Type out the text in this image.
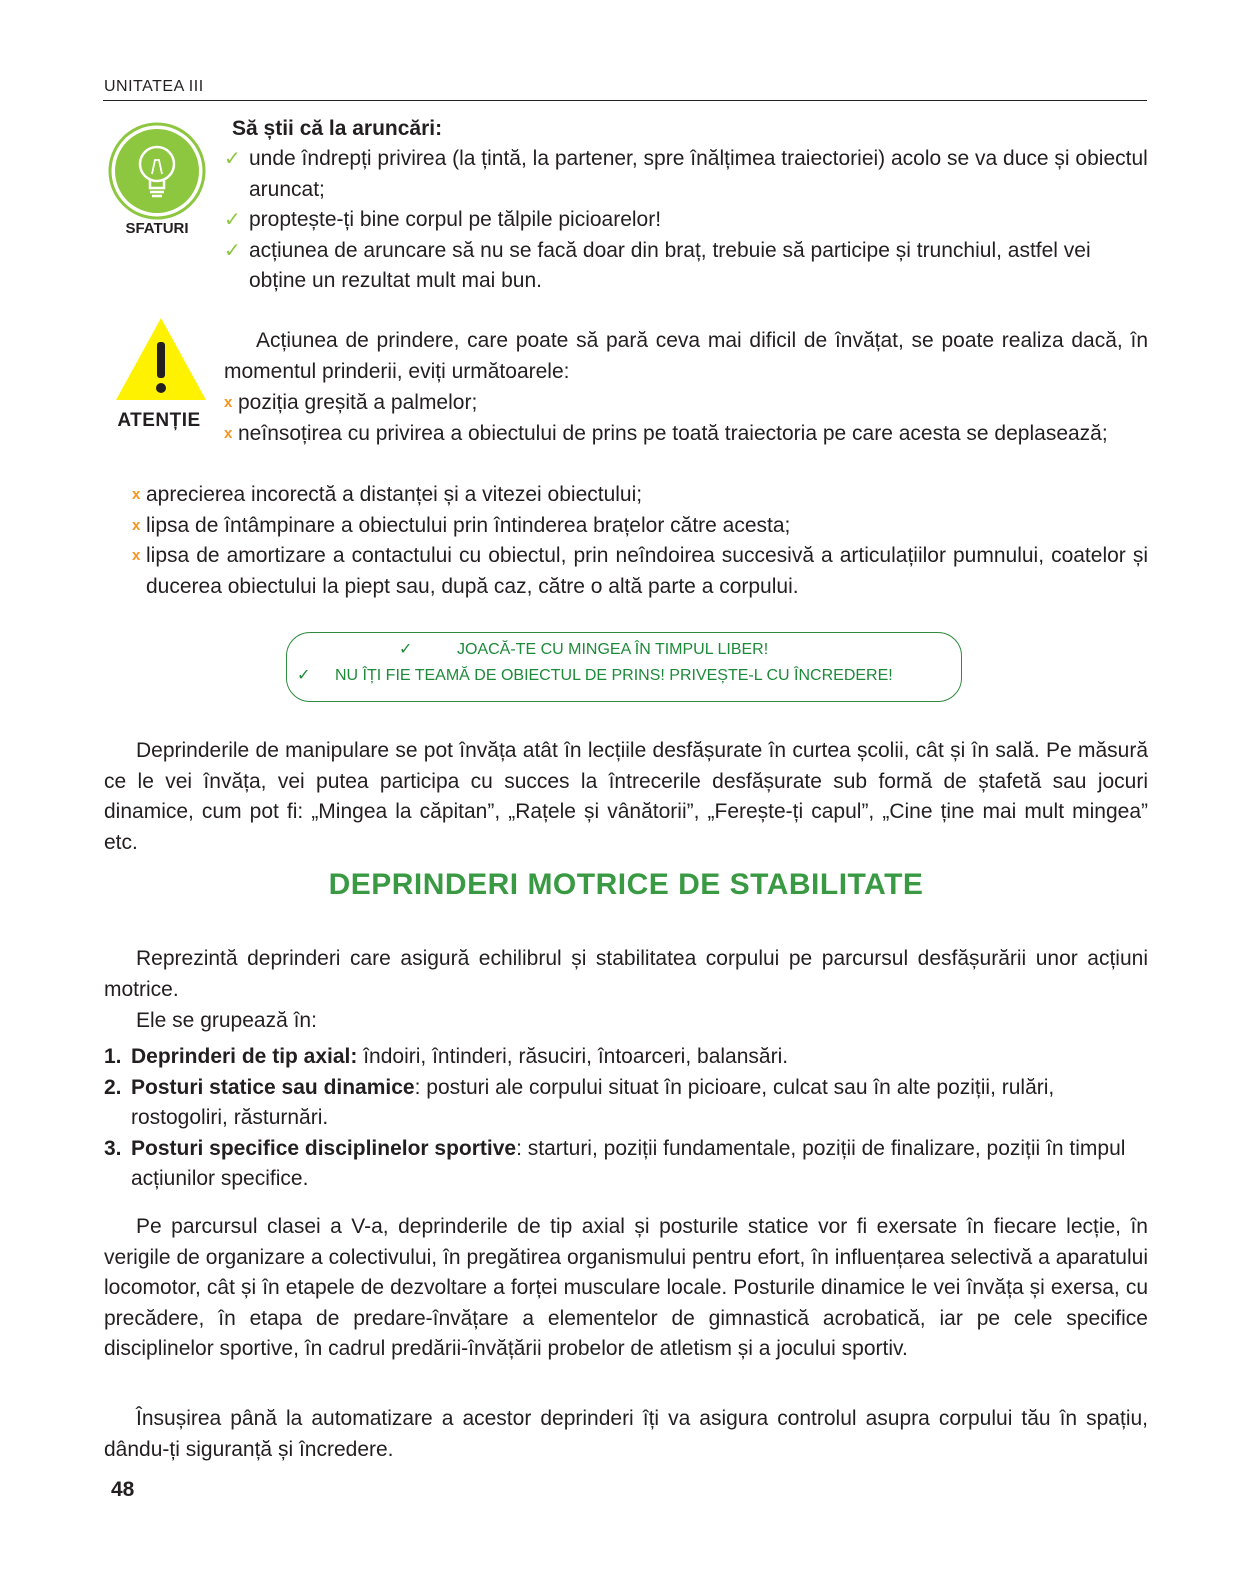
UNITATEA III
SFATURI
Să știi că la aruncări:
✓ unde îndrepți privirea (la țintă, la partener, spre înălțimea traiectoriei) acolo se va duce și obiectul aruncat;
✓ proptește-ți bine corpul pe tălpile picioarelor!
✓ acțiunea de aruncare să nu se facă doar din braț, trebuie să participe și trunchiul, astfel vei obține un rezultat mult mai bun.
ATENȚIE
Acțiunea de prindere, care poate să pară ceva mai dificil de învățat, se poate realiza dacă, în momentul prinderii, eviți următoarele:
x poziția greșită a palmelor;
x neînsoțirea cu privirea a obiectului de prins pe toată traiectoria pe care acesta se deplasează;
x aprecierea incorectă a distanței și a vitezei obiectului;
x lipsa de întâmpinare a obiectului prin întinderea brațelor către acesta;
x lipsa de amortizare a contactului cu obiectul, prin neîndoirea succesivă a articulațiilor pumnului, coatelor și ducerea obiectului la piept sau, după caz, către o altă parte a corpului.
✓	JOACĂ-TE CU MINGEA ÎN TIMPUL LIBER!
✓ NU ÎȚI FIE TEAMĂ DE OBIECTUL DE PRINS! PRIVEȘTE-L CU ÎNCREDERE!
Deprinderile de manipulare se pot învăța atât în lecțiile desfășurate în curtea școlii, cât și în sală. Pe măsură ce le vei învăța, vei putea participa cu succes la întrecerile desfășurate sub formă de ștafetă sau jocuri dinamice, cum pot fi: „Mingea la căpitan”, „Rațele și vânătorii”, „Ferește-ți capul”, „Cine ține mai mult mingea” etc.
DEPRINDERI MOTRICE DE STABILITATE
Reprezintă deprinderi care asigură echilibrul și stabilitatea corpului pe parcursul desfășurării unor acțiuni motrice.
Ele se grupează în:
1. Deprinderi de tip axial: îndoiri, întinderi, răsuciri, întoarceri, balansări.
2. Posturi statice sau dinamice: posturi ale corpului situat în picioare, culcat sau în alte poziții, rulări, rostogoliri, răsturnări.
3. Posturi specifice disciplinelor sportive: starturi, poziții fundamentale, poziții de finalizare, poziții în timpul acțiunilor specifice.
Pe parcursul clasei a V-a, deprinderile de tip axial și posturile statice vor fi exersate în fiecare lecție, în verigile de organizare a colectivului, în pregătirea organismului pentru efort, în influențarea selectivă a aparatului locomotor, cât și în etapele de dezvoltare a forței musculare locale. Posturile dinamice le vei învăța și exersa, cu precădere, în etapa de predare-învățare a elementelor de gimnastică acrobatică, iar pe cele specifice disciplinelor sportive, în cadrul predării-învățării probelor de atletism și a jocului sportiv.
Însușirea până la automatizare a acestor deprinderi îți va asigura controlul asupra corpului tău în spațiu, dându-ți siguranță și încredere.
48
